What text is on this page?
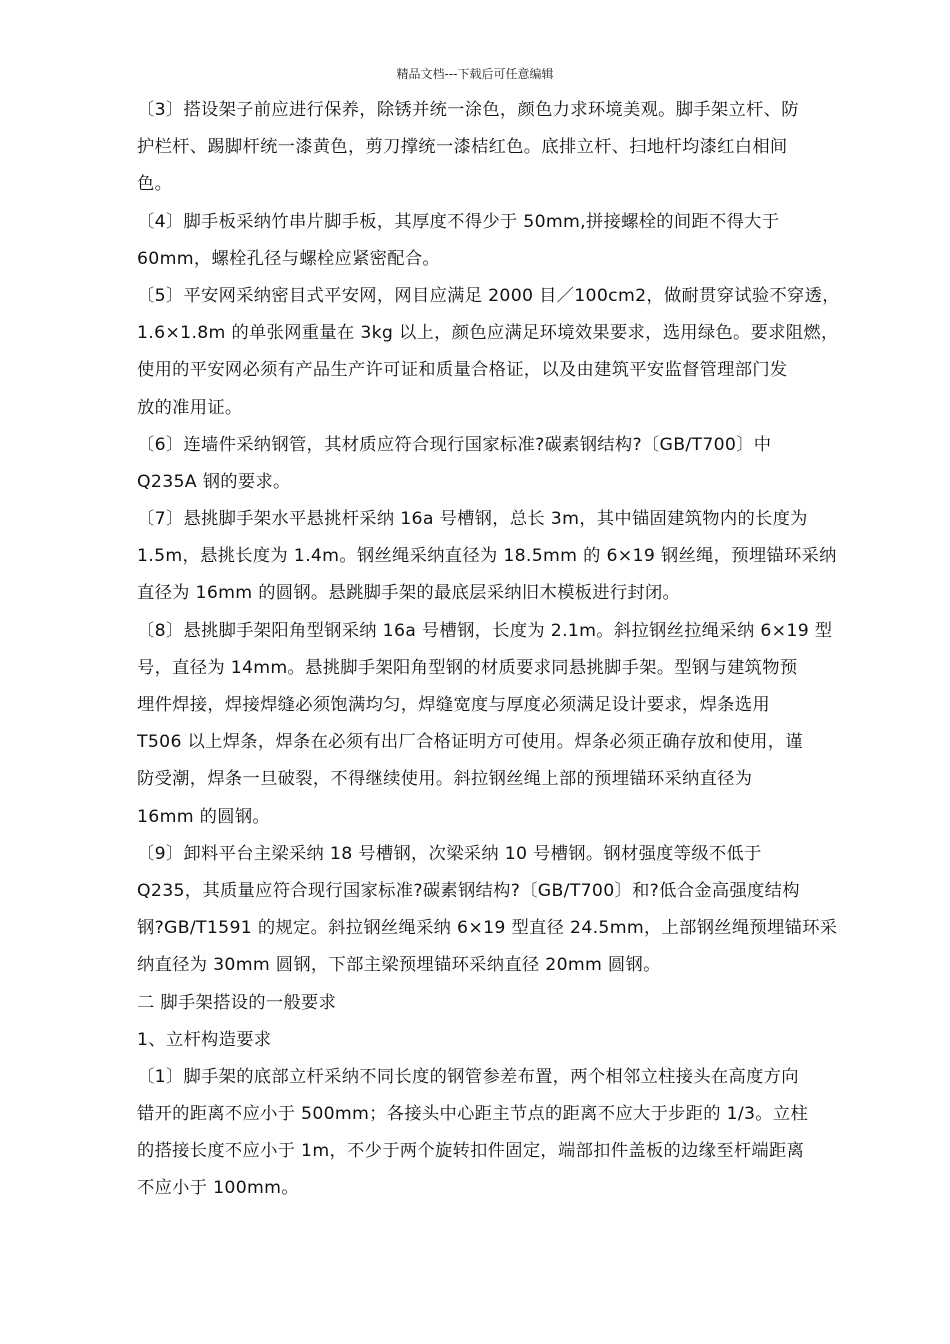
精品文档---下载后可任意编辑
〔3〕搭设架子前应进行保养，除锈并统一涂色，颜色力求环境美观。脚手架立杆、防
护栏杆、踢脚杆统一漆黄色，剪刀撑统一漆桔红色。底排立杆、扫地杆均漆红白相间
色。
〔4〕脚手板采纳竹串片脚手板，其厚度不得少于 50mm,拼接螺栓的间距不得大于
60mm，螺栓孔径与螺栓应紧密配合。
〔5〕平安网采纳密目式平安网，网目应满足 2000 目／100cm2，做耐贯穿试验不穿透，
1.6×1.8m 的单张网重量在 3kg 以上，颜色应满足环境效果要求，选用绿色。要求阻燃，
使用的平安网必须有产品生产许可证和质量合格证，以及由建筑平安监督管理部门发
放的准用证。
〔6〕连墙件采纳钢管，其材质应符合现行国家标准?碳素钢结构?〔GB/T700〕中
Q235A 钢的要求。
〔7〕悬挑脚手架水平悬挑杆采纳 16a 号槽钢，总长 3m，其中锚固建筑物内的长度为
1.5m，悬挑长度为 1.4m。钢丝绳采纳直径为 18.5mm 的 6×19 钢丝绳，预埋锚环采纳
直径为 16mm 的圆钢。悬跳脚手架的最底层采纳旧木模板进行封闭。
〔8〕悬挑脚手架阳角型钢采纳 16a 号槽钢，长度为 2.1m。斜拉钢丝拉绳采纳 6×19 型
号，直径为 14mm。悬挑脚手架阳角型钢的材质要求同悬挑脚手架。型钢与建筑物预
埋件焊接，焊接焊缝必须饱满均匀，焊缝宽度与厚度必须满足设计要求，焊条选用
T506 以上焊条，焊条在必须有出厂合格证明方可使用。焊条必须正确存放和使用，谨
防受潮，焊条一旦破裂，不得继续使用。斜拉钢丝绳上部的预埋锚环采纳直径为
16mm 的圆钢。
〔9〕卸料平台主梁采纳 18 号槽钢，次梁采纳 10 号槽钢。钢材强度等级不低于
Q235，其质量应符合现行国家标准?碳素钢结构?〔GB/T700〕和?低合金高强度结构
钢?GB/T1591 的规定。斜拉钢丝绳采纳 6×19 型直径 24.5mm，上部钢丝绳预埋锚环采
纳直径为 30mm 圆钢，下部主梁预埋锚环采纳直径 20mm 圆钢。
二 脚手架搭设的一般要求
1、立杆构造要求
〔1〕脚手架的底部立杆采纳不同长度的钢管参差布置，两个相邻立柱接头在高度方向
错开的距离不应小于 500mm；各接头中心距主节点的距离不应大于步距的 1/3。立柱
的搭接长度不应小于 1m，不少于两个旋转扣件固定，端部扣件盖板的边缘至杆端距离
不应小于 100mm。
